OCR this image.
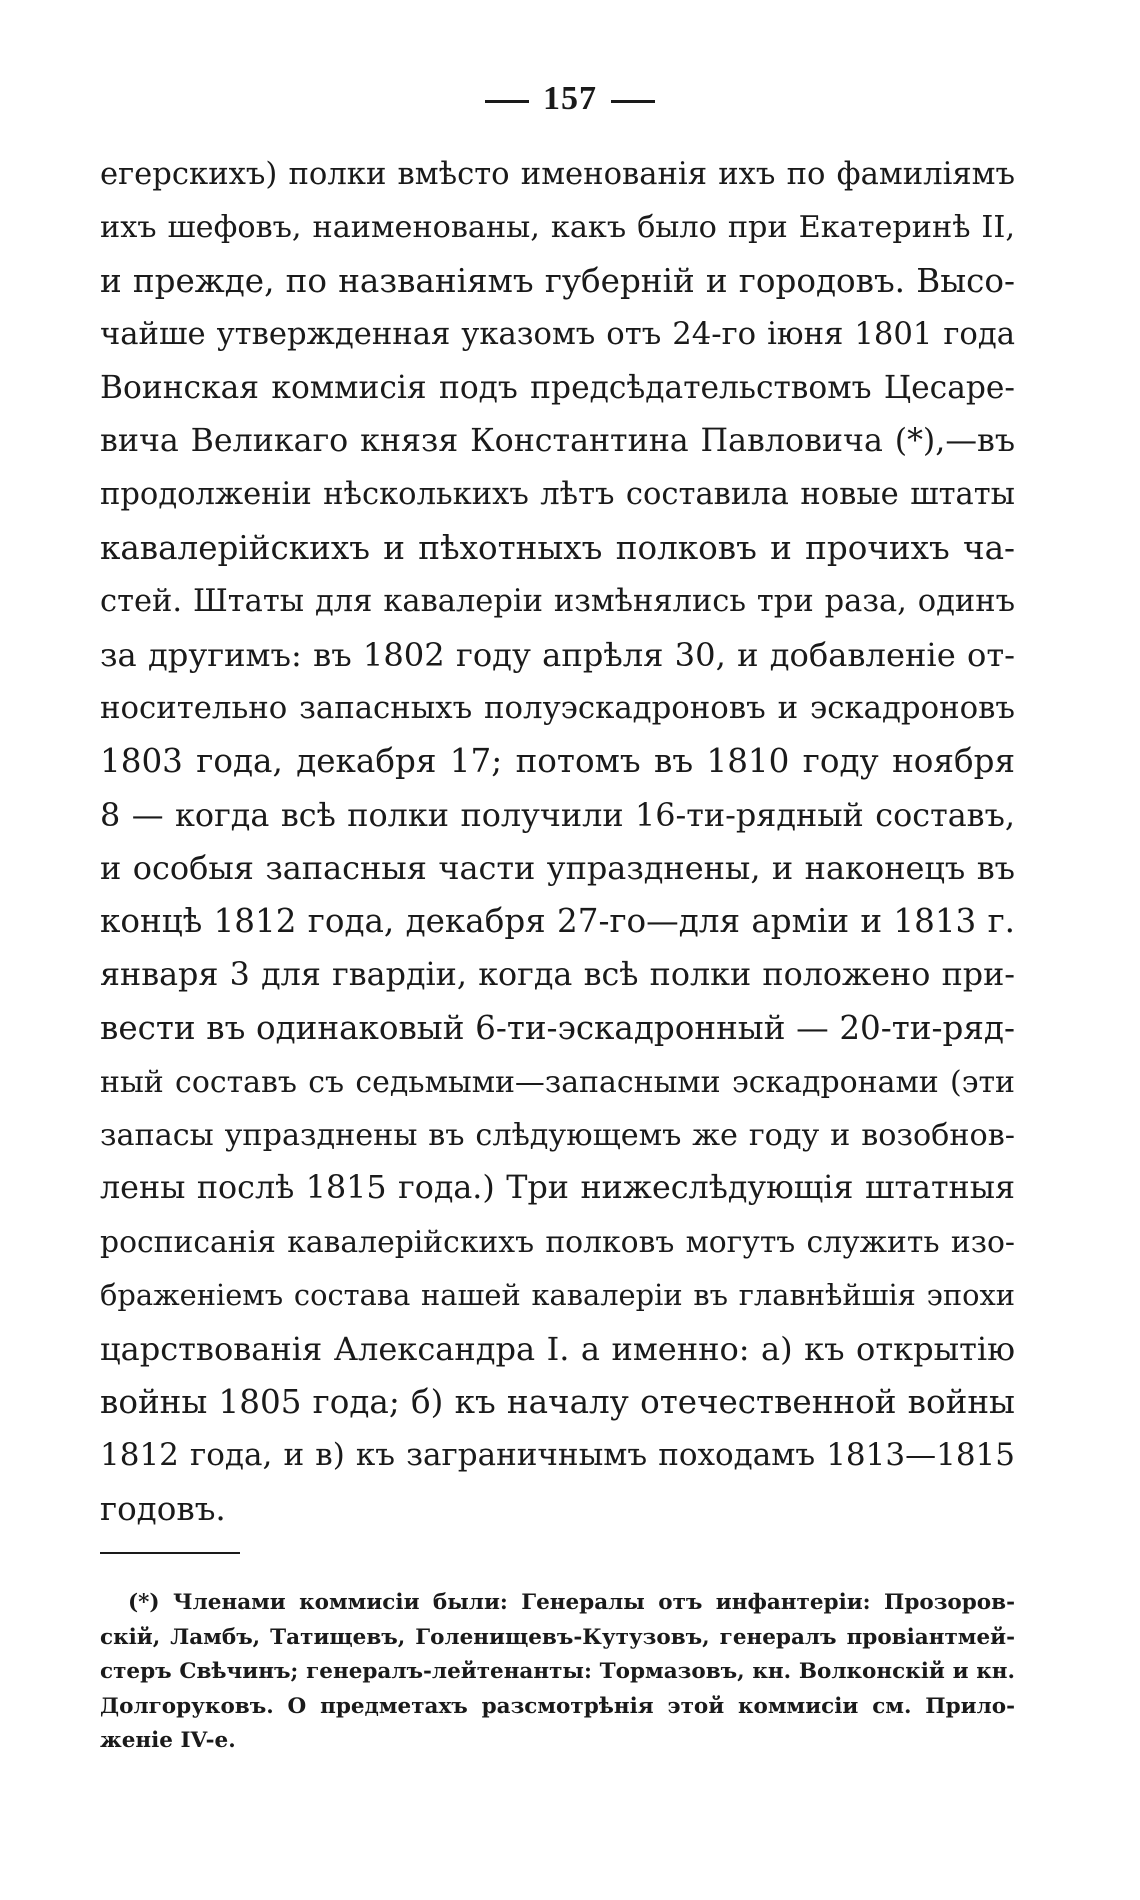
157
егерскихъ) полки вмѣсто именованія ихъ по фамиліямъ
ихъ шефовъ, наименованы, какъ было при Екатеринѣ II,
и прежде, по названіямъ губерній и городовъ. Высо-
чайше утвержденная указомъ отъ 24-го іюня 1801 года
Воинская коммисія подъ предсѣдательствомъ Цесаре-
вича Великаго князя Константина Павловича (*),—въ
продолженіи нѣсколькихъ лѣтъ составила новые штаты
кавалерійскихъ и пѣхотныхъ полковъ и прочихъ ча-
стей. Штаты для кавалеріи измѣнялись три раза, одинъ
за другимъ: въ 1802 году апрѣля 30, и добавленіе от-
носительно запасныхъ полуэскадроновъ и эскадроновъ
1803 года, декабря 17; потомъ въ 1810 году ноября
8 — когда всѣ полки получили 16-ти-рядный составъ,
и особыя запасныя части упразднены, и наконецъ въ
концѣ 1812 года, декабря 27-го—для арміи и 1813 г.
января 3 для гвардіи, когда всѣ полки положено при-
вести въ одинаковый 6-ти-эскадронный — 20-ти-ряд-
ный составъ съ седьмыми—запасными эскадронами (эти
запасы упразднены въ слѣдующемъ же году и возобнов-
лены послѣ 1815 года.) Три нижеслѣдующія штатныя
росписанія кавалерійскихъ полковъ могутъ служить изо-
браженіемъ состава нашей кавалеріи въ главнѣйшія эпохи
царствованія Александра I. а именно: а) къ открытію
войны 1805 года; б) къ началу отечественной войны
1812 года, и в) къ заграничнымъ походамъ 1813—1815
годовъ.
(*) Членами коммисіи были: Генералы отъ инфантеріи: Прозоров-
скій, Ламбъ, Татищевъ, Голенищевъ-Кутузовъ, генералъ провіантмей-
стеръ Свѣчинъ; генералъ-лейтенанты: Тормазовъ, кн. Волконскій и кн.
Долгоруковъ. О предметахъ разсмотрѣнія этой коммисіи см. Прило-
женіе IV-е.
